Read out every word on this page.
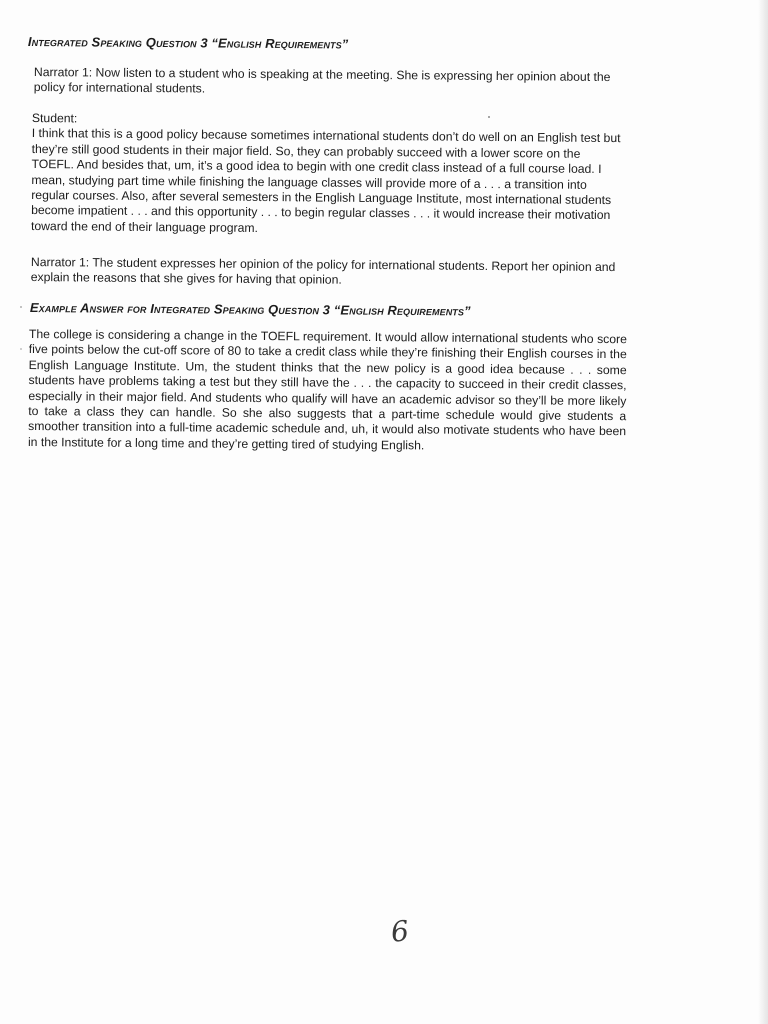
Integrated Speaking Question 3 “English Requirements”

Narrator 1: Now listen to a student who is speaking at the meeting. She is expressing her opinion about the policy for international students.

Student:

I think that this is a good policy because sometimes international students don’t do well on an English test but they’re still good students in their major field. So, they can probably succeed with a lower score on the TOEFL. And besides that, um, it’s a good idea to begin with one credit class instead of a full course load. I mean, studying part time while finishing the language classes will provide more of a . . . a transition into regular courses. Also, after several semesters in the English Language Institute, most international students become impatient . . . and this opportunity . . . to begin regular classes . . . it would increase their motivation toward the end of their language program.

Narrator 1: The student expresses her opinion of the policy for international students. Report her opinion and explain the reasons that she gives for having that opinion.

Example Answer for Integrated Speaking Question 3 “English Requirements”

The college is considering a change in the TOEFL requirement. It would allow international students who score five points below the cut-off score of 80 to take a credit class while they’re finishing their English courses in the English Language Institute. Um, the student thinks that the new policy is a good idea because . . . some students have problems taking a test but they still have the . . . the capacity to succeed in their credit classes, especially in their major field. And students who qualify will have an academic advisor so they’ll be more likely to take a class they can handle. So she also suggests that a part-time schedule would give students a smoother transition into a full-time academic schedule and, uh, it would also motivate students who have been in the Institute for a long time and they’re getting tired of studying English.

6
